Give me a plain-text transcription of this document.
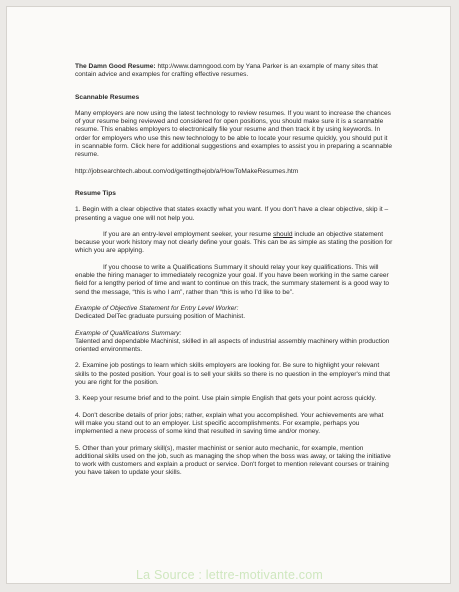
The Damn Good Resume: http://www.damngood.com by Yana Parker is an example of many sites that contain advice and examples for crafting effective resumes.

Scannable Resumes

Many employers are now using the latest technology to review resumes. If you want to increase the chances of your resume being reviewed and considered for open positions, you should make sure it is a scannable resume. This enables employers to electronically file your resume and then track it by using keywords. In order for employers who use this new technology to be able to locate your resume quickly, you should put it in scannable form. Click here for additional suggestions and examples to assist you in preparing a scannable resume.

http://jobsearchtech.about.com/od/gettingthejob/a/HowToMakeResumes.htm

Resume Tips

1. Begin with a clear objective that states exactly what you want. If you don't have a clear objective, skip it – presenting a vague one will not help you.

If you are an entry-level employment seeker, your resume should include an objective statement because your work history may not clearly define your goals. This can be as simple as stating the position for which you are applying.

If you choose to write a Qualifications Summary it should relay your key qualifications. This will enable the hiring manager to immediately recognize your goal. If you have been working in the same career field for a lengthy period of time and want to continue on this track, the summary statement is a good way to send the message, “this is who I am”, rather than “this is who I’d like to be”.

Example of Objective Statement for Entry Level Worker:

Dedicated DelTec graduate pursuing position of Machinist.

Example of Qualifications Summary:

Talented and dependable Machinist, skilled in all aspects of industrial assembly machinery within production oriented environments.

2. Examine job postings to learn which skills employers are looking for. Be sure to highlight your relevant skills to the posted position. Your goal is to sell your skills so there is no question in the employer's mind that you are right for the position.

3. Keep your resume brief and to the point. Use plain simple English that gets your point across quickly.

4. Don't describe details of prior jobs; rather, explain what you accomplished. Your achievements are what will make you stand out to an employer. List specific accomplishments. For example, perhaps you implemented a new process of some kind that resulted in saving time and/or money.

5. Other than your primary skill(s), master machinist or senior auto mechanic, for example, mention additional skills used on the job, such as managing the shop when the boss was away, or taking the initiative to work with customers and explain a product or service. Don't forget to mention relevant courses or training you have taken to update your skills.

La Source : lettre-motivante.com
